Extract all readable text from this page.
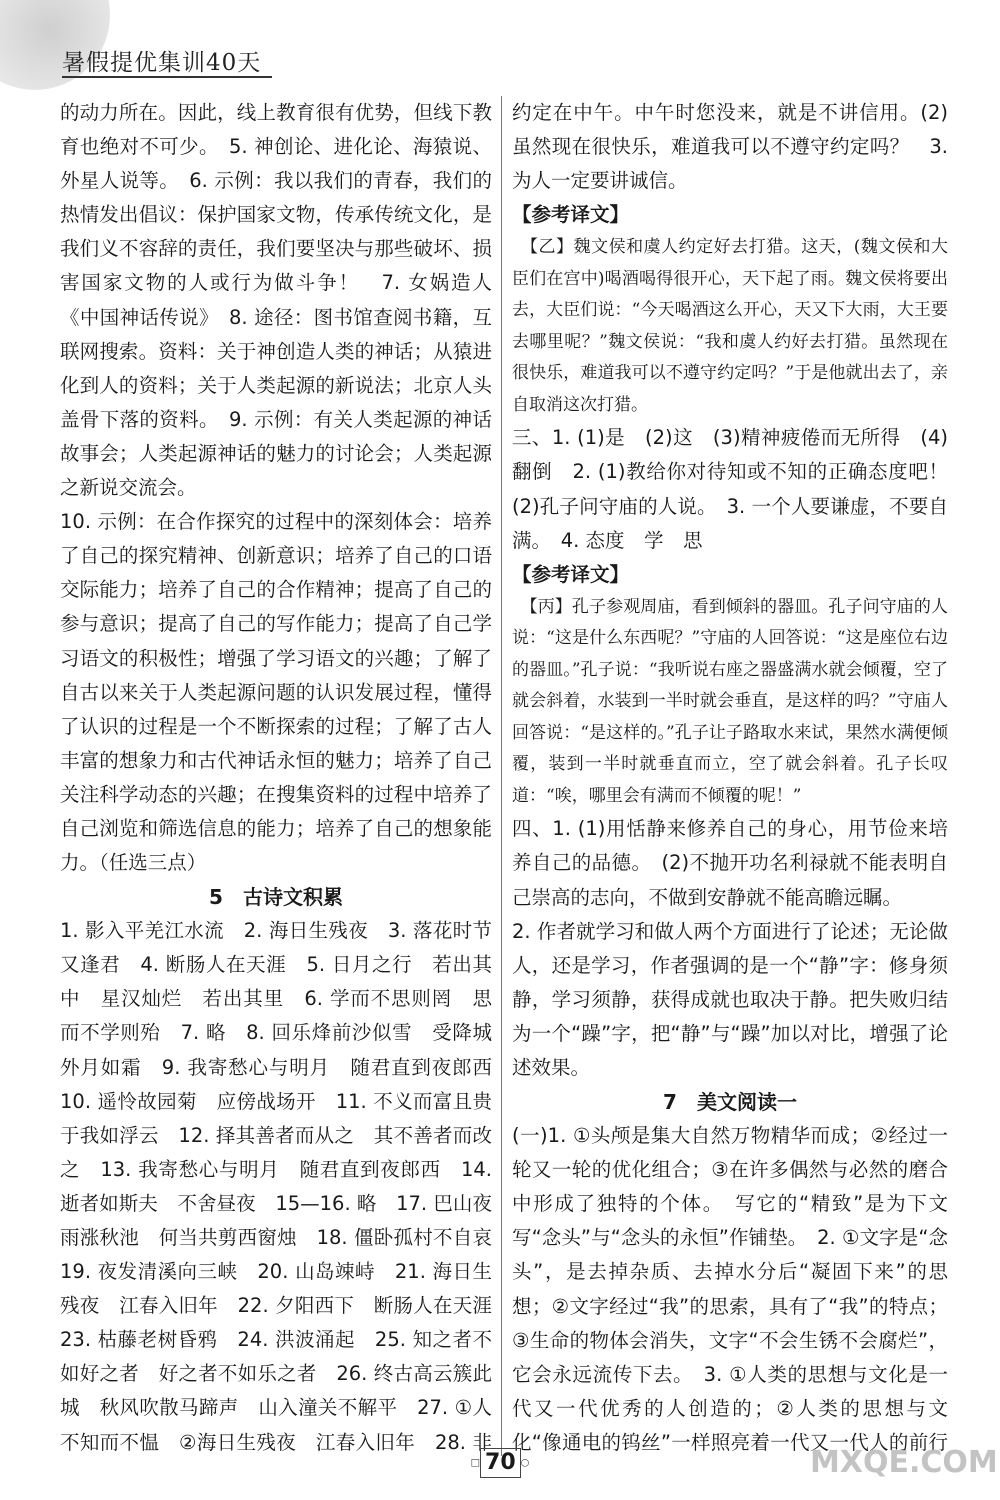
暑假提优集训40天

的动力所在。因此，线上教育很有优势，但线下教育也绝对不可少。　5. 神创论、进化论、海猿说、外星人说等。　6. 示例：我以我们的青春，我们的热情发出倡议：保护国家文物，传承传统文化，是我们义不容辞的责任，我们要坚决与那些破坏、损害国家文物的人或行为做斗争！　7. 女娲造人　《中国神话传说》　8. 途径：图书馆查阅书籍，互联网搜索。资料：关于神创造人类的神话；从猿进化到人的资料；关于人类起源的新说法；北京人头盖骨下落的资料。　9. 示例：有关人类起源的神话故事会；人类起源神话的魅力的讨论会；人类起源之新说交流会。

10. 示例：在合作探究的过程中的深刻体会：培养了自己的探究精神、创新意识；培养了自己的口语交际能力；培养了自己的合作精神；提高了自己的参与意识；提高了自己的写作能力；提高了自己学习语文的积极性；增强了学习语文的兴趣；了解了自古以来关于人类起源问题的认识发展过程，懂得了认识的过程是一个不断探索的过程；了解了古人丰富的想象力和古代神话永恒的魅力；培养了自己关注科学动态的兴趣；在搜集资料的过程中培养了自己浏览和筛选信息的能力；培养了自己的想象能力。（任选三点）

5　古诗文积累

1. 影入平羌江水流　2. 海日生残夜　3. 落花时节又逢君　4. 断肠人在天涯　5. 日月之行　若出其中　星汉灿烂　若出其里　6. 学而不思则罔　思而不学则殆　7. 略　8. 回乐烽前沙似雪　受降城外月如霜　9. 我寄愁心与明月　随君直到夜郎西　10. 遥怜故园菊　应傍战场开　11. 不义而富且贵　于我如浮云　12. 择其善者而从之　其不善者而改之　13. 我寄愁心与明月　随君直到夜郎西　14. 逝者如斯夫　不舍昼夜　15—16. 略　17. 巴山夜雨涨秋池　何当共剪西窗烛　18. 僵卧孤村不自哀　19. 夜发清溪向三峡　20. 山岛竦峙　21. 海日生残夜　江春入旧年　22. 夕阳西下　断肠人在天涯　23. 枯藤老树昏鸦　24. 洪波涌起　25. 知之者不如好之者　好之者不如乐之者　26. 终古高云簇此城　秋风吹散马蹄声　山入潼关不解平　27. ①人不知而不愠　②海日生残夜　江春入旧年　28. 非　 　 　 　　　 　 　 　　

约定在中午。中午时您没来，就是不讲信用。(2)虽然现在很快乐，难道我可以不遵守约定吗？　3. 为人一定要讲诚信。

【参考译文】

　【乙】魏文侯和虞人约定好去打猎。这天，(魏文侯和大臣们在宫中)喝酒喝得很开心，天下起了雨。魏文侯将要出去，大臣们说：“今天喝酒这么开心，天又下大雨，大王要去哪里呢？”魏文侯说：“我和虞人约好去打猎。虽然现在很快乐，难道我可以不遵守约定吗？”于是他就出去了，亲自取消这次打猎。

三、1. (1)是　(2)这　(3)精神疲倦而无所得　(4)翻倒　2. (1)教给你对待知或不知的正确态度吧！　(2)孔子问守庙的人说。　3. 一个人要谦虚，不要自满。　4. 态度　学　思

【参考译文】

　【丙】孔子参观周庙，看到倾斜的器皿。孔子问守庙的人说：“这是什么东西呢？”守庙的人回答说：“这是座位右边的器皿。”孔子说：“我听说右座之器盛满水就会倾覆，空了就会斜着，水装到一半时就会垂直，是这样的吗？”守庙人回答说：“是这样的。”孔子让子路取水来试，果然水满便倾覆，装到一半时就垂直而立，空了就会斜着。孔子长叹道：“唉，哪里会有满而不倾覆的呢！”

四、1. (1)用恬静来修养自己的身心，用节俭来培养自己的品德。　(2)不抛开功名利禄就不能表明自己崇高的志向，不做到安静就不能高瞻远瞩。

2. 作者就学习和做人两个方面进行了论述；无论做人，还是学习，作者强调的是一个“静”字：修身须静，学习须静，获得成就也取决于静。把失败归结为一个“躁”字，把“静”与“躁”加以对比，增强了论述效果。

7　美文阅读一

(一)1. ①头颅是集大自然万物精华而成；②经过一轮又一轮的优化组合；③在许多偶然与必然的磨合中形成了独特的个体。　写它的“精致”是为下文写“念头”与“念头的永恒”作铺垫。　2. ①文字是“念头”，是去掉杂质、去掉水分后“凝固下来”的思想；②文字经过“我”的思索，具有了“我”的特点；③生命的物体会消失，文字“不会生锈不会腐烂”，它会永远流传下去。　3. ①人类的思想与文化是一代又一代优秀的人创造的；②人类的思想与文化“像通电的钨丝”一样照亮着一代又一代人的前行　

□ 70 ○	MXQE.COM
